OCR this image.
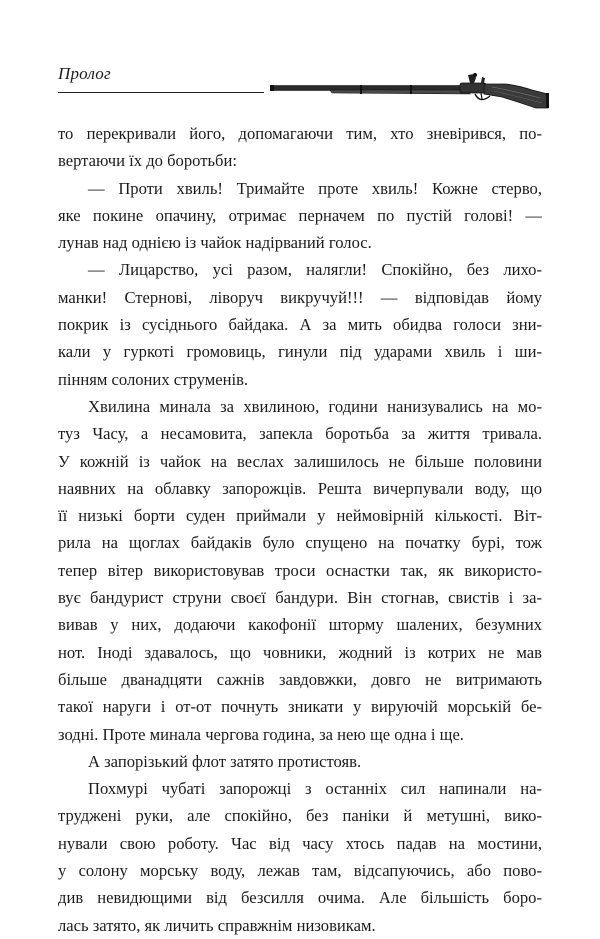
Пролог

то перекривали його, допомагаючи тим, хто зневірився, по-
вертаючи їх до боротьби:

— Проти хвиль! Тримайте проте хвиль! Кожне стерво,
яке покине опачину, отримає перначем по пустій голові! —
лунав над однією із чайок надірваний голос.

— Лицарство, усі разом, налягли! Спокійно, без лихо-
манки! Стернові, ліворуч викручуй!!! — відповідав йому
покрик із сусіднього байдака. А за мить обидва голоси зни-
кали у гуркоті громовиць, гинули під ударами хвиль і ши-
пінням солоних струменів.

Хвилина минала за хвилиною, години нанизувались на мо-
туз Часу, а несамовита, запекла боротьба за життя тривала.
У кожній із чайок на веслах залишилось не більше половини
наявних на облавку запорожців. Решта вичерпували воду, що
її низькі борти суден приймали у неймовірній кількості. Віт-
рила на щоглах байдаків було спущено на початку бурі, тож
тепер вітер використовував троси оснастки так, як використо-
вує бандурист струни своєї бандури. Він стогнав, свистів і за-
вивав у них, додаючи какофонії штормy шалених, безумних
нот. Іноді здавалось, що човники, жодний із котрих не мав
більше дванадцяти сажнів завдовжки, довго не витримають
такої наруги і от-от почнуть зникати у вируючій морській бе-
зодні. Проте минала чергова година, за нею ще одна і ще.

А запорізький флот затято протистояв.

Похмурі чубаті запорожці з останніх сил напинали на-
труджені руки, але спокійно, без паніки й метушні, вико-
нували свою роботу. Час від часу хтось падав на мостини,
у солону морську воду, лежав там, відсапуючись, або пово-
див невидющими від безсилля очима. Але більшість боро-
лась затято, як личить справжнім низовикам.
